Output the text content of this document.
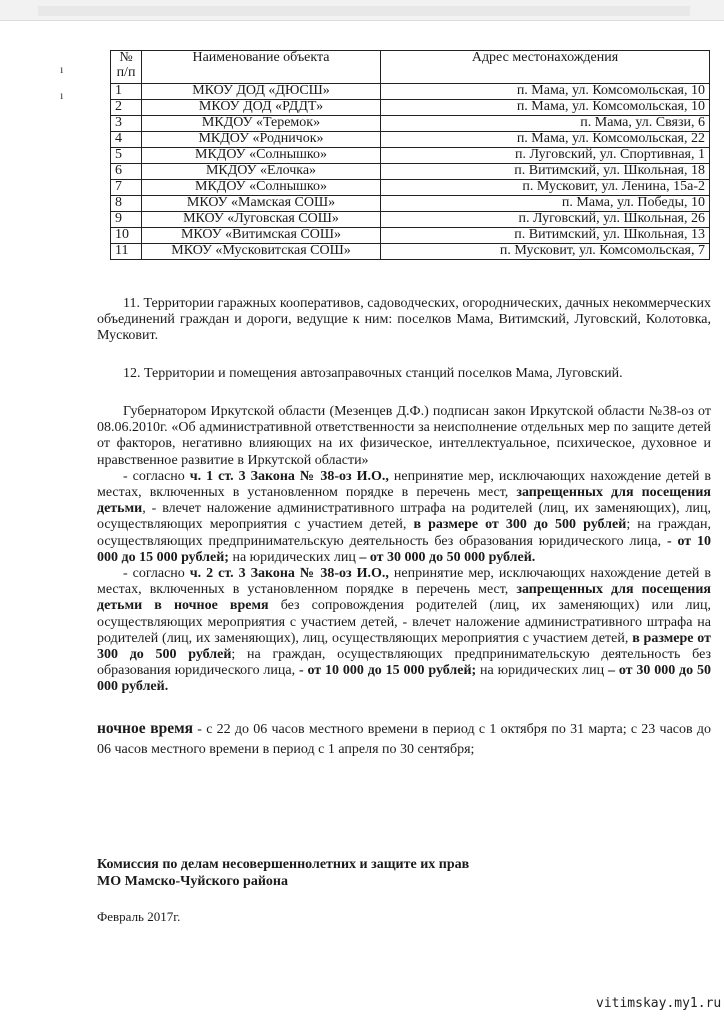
ı
ı
№ п/п	Наименование объекта	Адрес местонахождения
1	МКОУ ДОД «ДЮСШ»	п. Мама, ул. Комсомольская, 10
2	МКОУ ДОД «РДДТ»	п. Мама, ул. Комсомольская, 10
3	МКДОУ «Теремок»	п. Мама, ул. Связи, 6
4	МКДОУ «Родничок»	п. Мама, ул. Комсомольская, 22
5	МКДОУ «Солнышко»	п. Луговский, ул. Спортивная, 1
6	МКДОУ «Елочка»	п. Витимский, ул. Школьная, 18
7	МКДОУ «Солнышко»	п. Мусковит, ул. Ленина, 15а-2
8	МКОУ «Мамская СОШ»	п. Мама, ул. Победы, 10
9	МКОУ «Луговская СОШ»	п. Луговский, ул. Школьная, 26
10	МКОУ «Витимская СОШ»	п. Витимский, ул. Школьная, 13
11	МКОУ «Мусковитская СОШ»	п. Мусковит, ул. Комсомольская, 7

11. Территории гаражных кооперативов, садоводческих, огороднических, дачных некоммерческих объединений граждан и дороги, ведущие к ним: поселков Мама, Витимский, Луговский, Колотовка, Мусковит.

12. Территории и помещения автозаправочных станций поселков Мама, Луговский.

Губернатором Иркутской области (Мезенцев Д.Ф.) подписан закон Иркутской области №38-оз от 08.06.2010г. «Об административной ответственности за неисполнение отдельных мер по защите детей от факторов, негативно влияющих на их физическое, интеллектуальное, психическое, духовное и нравственное развитие в Иркутской области»

- согласно ч. 1 ст. 3 Закона № 38-оз И.О., непринятие мер, исключающих нахождение детей в местах, включенных в установленном порядке в перечень мест, запрещенных для посещения детьми, - влечет наложение административного штрафа на родителей (лиц, их заменяющих), лиц, осуществляющих мероприятия с участием детей, в размере от 300 до 500 рублей; на граждан, осуществляющих предпринимательскую деятельность без образования юридического лица, - от 10 000 до 15 000 рублей; на юридических лиц – от 30 000 до 50 000 рублей.

- согласно ч. 2 ст. 3 Закона № 38-оз И.О., непринятие мер, исключающих нахождение детей в местах, включенных в установленном порядке в перечень мест, запрещенных для посещения детьми в ночное время без сопровождения родителей (лиц, их заменяющих) или лиц, осуществляющих мероприятия с участием детей, - влечет наложение административного штрафа на родителей (лиц, их заменяющих), лиц, осуществляющих мероприятия с участием детей, в размере от 300 до 500 рублей; на граждан, осуществляющих предпринимательскую деятельность без образования юридического лица, - от 10 000 до 15 000 рублей; на юридических лиц – от 30 000 до 50 000 рублей.

ночное время - с 22 до 06 часов местного времени в период с 1 октября по 31 марта; с 23 часов до 06 часов местного времени в период с 1 апреля по 30 сентября;

Комиссия по делам несовершеннолетних и защите их прав
МО Мамско-Чуйского района
Февраль 2017г.
vitimskay.my1.ru
